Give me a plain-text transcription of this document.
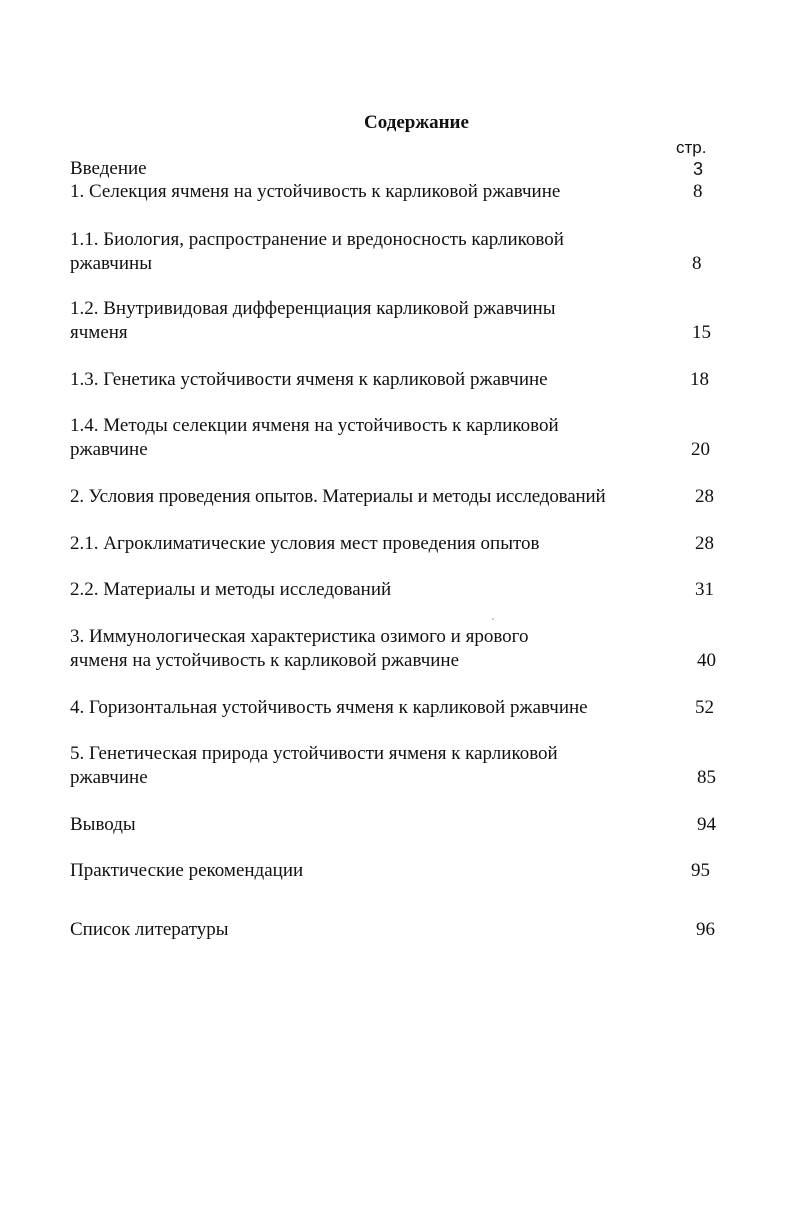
Содержание
стр.
Введение	3
1. Селекция ячменя на устойчивость к карликовой ржавчине	8
1.1. Биология, распространение и вредоносность карликовой
ржавчины	8
1.2. Внутривидовая дифференциация карликовой ржавчины
ячменя	15
1.3. Генетика устойчивости ячменя к карликовой ржавчине	18
1.4. Методы селекции ячменя на устойчивость к карликовой
ржавчине	20
2. Условия проведения опытов. Материалы и методы исследований	28
2.1. Агроклиматические условия мест проведения опытов	28
2.2. Материалы и методы исследований	31
3. Иммунологическая характеристика озимого и ярового
ячменя на устойчивость к карликовой ржавчине	40
4. Горизонтальная устойчивость ячменя к карликовой ржавчине	52
5. Генетическая природа устойчивости ячменя к карликовой
ржавчине	85
Выводы	94
Практические рекомендации	95
Список литературы	96
